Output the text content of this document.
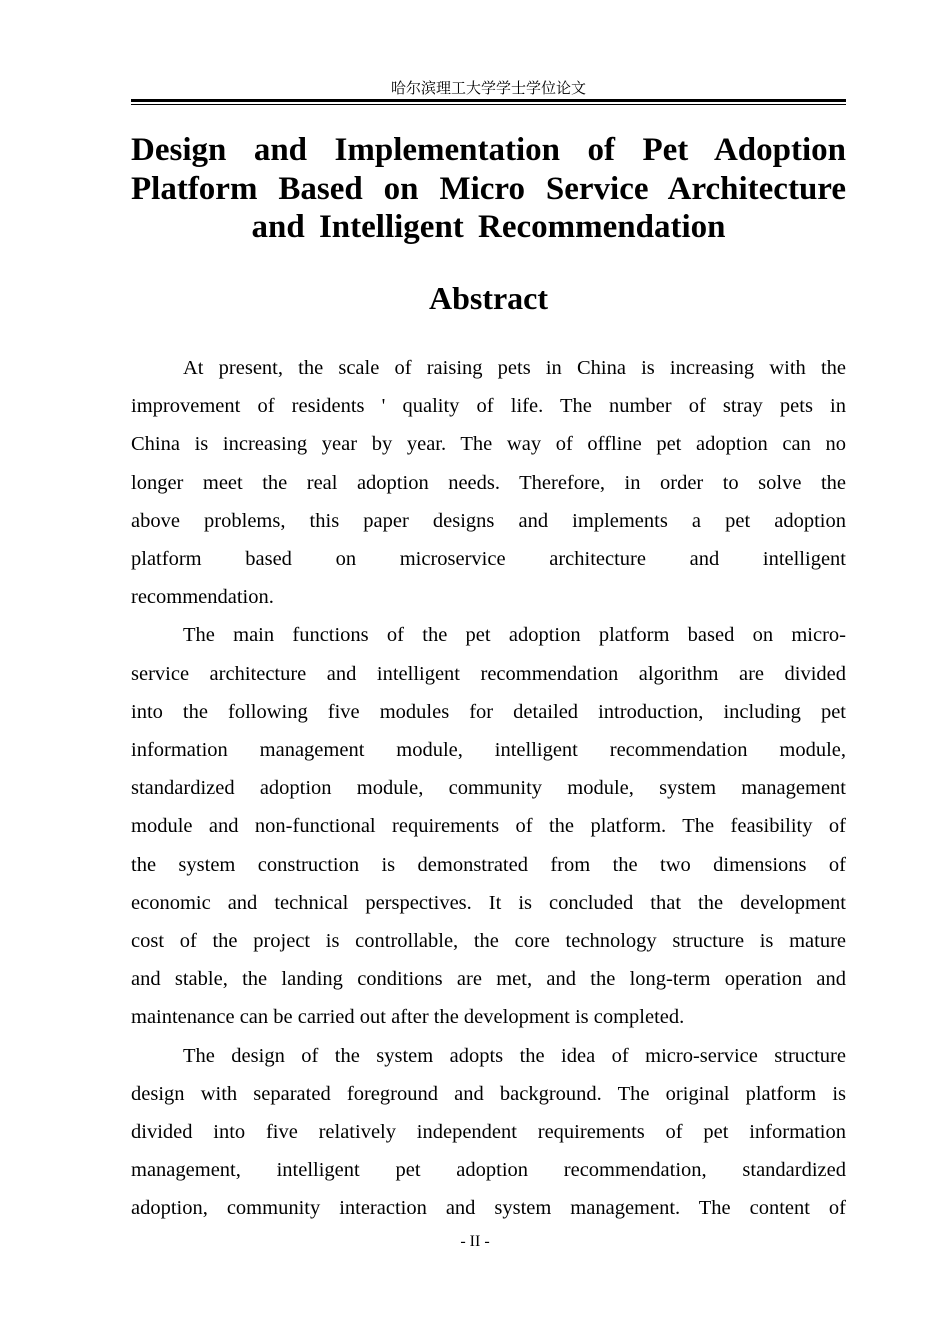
哈尔滨理工大学学士学位论文
Design and Implementation of Pet Adoption
Platform Based on Micro Service Architecture
and Intelligent Recommendation
Abstract

At present, the scale of raising pets in China is increasing with the
improvement of residents ' quality of life. The number of stray pets in
China is increasing year by year. The way of offline pet adoption can no
longer meet the real adoption needs. Therefore, in order to solve the
above problems, this paper designs and implements a pet adoption
platform based on microservice architecture and intelligent
recommendation.

The main functions of the pet adoption platform based on micro-
service architecture and intelligent recommendation algorithm are divided
into the following five modules for detailed introduction, including pet
information management module, intelligent recommendation module,
standardized adoption module, community module, system management
module and non-functional requirements of the platform. The feasibility of
the system construction is demonstrated from the two dimensions of
economic and technical perspectives. It is concluded that the development
cost of the project is controllable, the core technology structure is mature
and stable, the landing conditions are met, and the long-term operation and
maintenance can be carried out after the development is completed.

The design of the system adopts the idea of micro-service structure
design with separated foreground and background. The original platform is
divided into five relatively independent requirements of pet information
management, intelligent pet adoption recommendation, standardized
adoption, community interaction and system management. The content of

- II -
